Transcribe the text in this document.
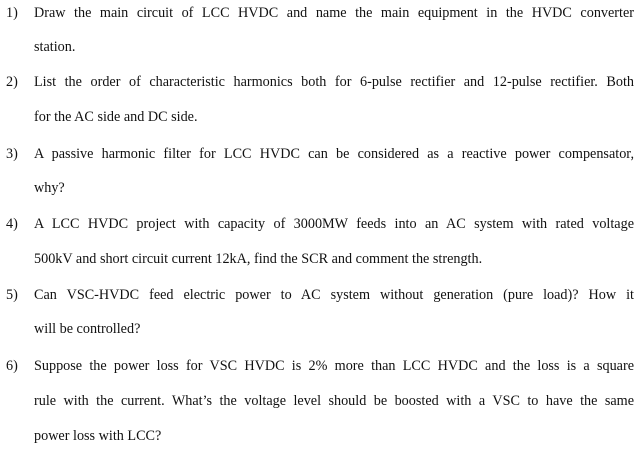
1) Draw the main circuit of LCC HVDC and name the main equipment in the HVDC converter
station.
2) List the order of characteristic harmonics both for 6-pulse rectifier and 12-pulse rectifier. Both
for the AC side and DC side.
3) A passive harmonic filter for LCC HVDC can be considered as a reactive power compensator,
why?
4) A LCC HVDC project with capacity of 3000MW feeds into an AC system with rated voltage
500kV and short circuit current 12kA, find the SCR and comment the strength.
5) Can VSC-HVDC feed electric power to AC system without generation (pure load)? How it
will be controlled?
6) Suppose the power loss for VSC HVDC is 2% more than LCC HVDC and the loss is a square
rule with the current. What’s the voltage level should be boosted with a VSC to have the same
power loss with LCC?
